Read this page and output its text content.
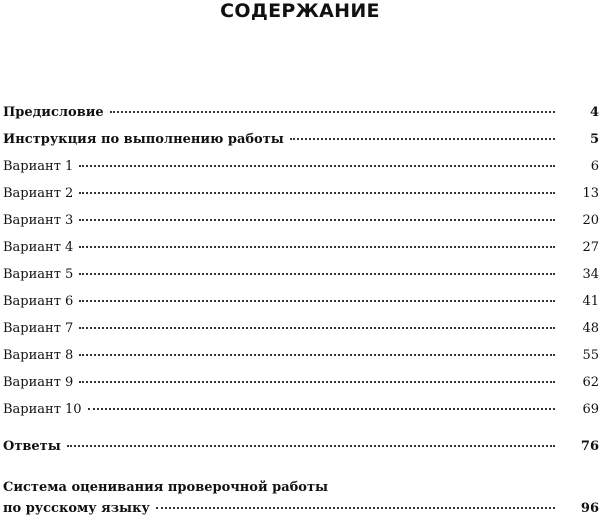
СОДЕРЖАНИЕ
Предисловие	4
Инструкция по выполнению работы	5
Вариант 1	6
Вариант 2	13
Вариант 3	20
Вариант 4	27
Вариант 5	34
Вариант 6	41
Вариант 7	48
Вариант 8	55
Вариант 9	62
Вариант 10	69
Ответы	76
Система оценивания проверочной работы
по русскому языку	96
